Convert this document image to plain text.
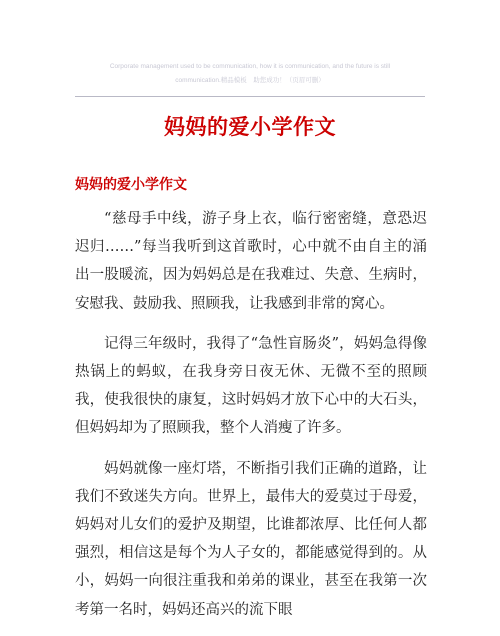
Corporate management used to be communication, how it is communication, and the future is still
communication.精品模板　助您成功！（页眉可删）
妈妈的爱小学作文
妈妈的爱小学作文

“慈母手中线，游子身上衣，临行密密缝，意恐迟迟归……”每当我听到这首歌时，心中就不由自主的涌出一股暖流，因为妈妈总是在我难过、失意、生病时，安慰我、鼓励我、照顾我，让我感到非常的窝心。

记得三年级时，我得了“急性盲肠炎”，妈妈急得像热锅上的蚂蚁，在我身旁日夜无休、无微不至的照顾我，使我很快的康复，这时妈妈才放下心中的大石头，但妈妈却为了照顾我，整个人消瘦了许多。

妈妈就像一座灯塔，不断指引我们正确的道路，让我们不致迷失方向。世界上，最伟大的爱莫过于母爱，妈妈对儿女们的爱护及期望，比谁都浓厚、比任何人都强烈，相信这是每个为人子女的，都能感觉得到的。从小，妈妈一向很注重我和弟弟的课业，甚至在我第一次考第一名时，妈妈还高兴的流下眼
